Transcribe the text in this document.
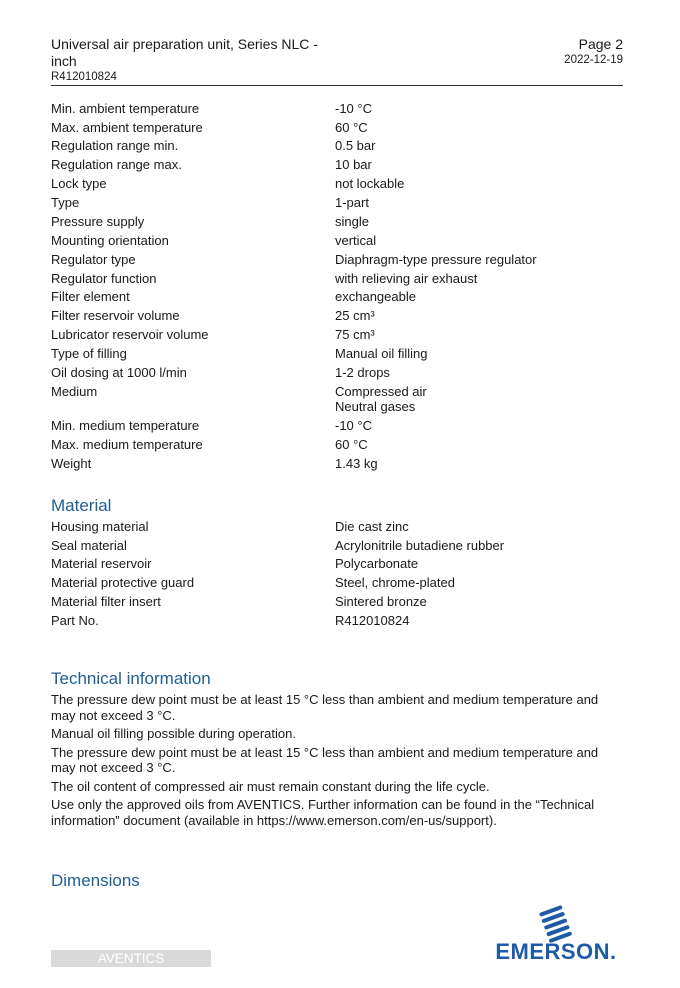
Universal air preparation unit, Series NLC - inch
R412010824
Page 2
2022-12-19
Min. ambient temperature	-10 °C
Max. ambient temperature	60 °C
Regulation range min.	0.5 bar
Regulation range max.	10 bar
Lock type	not lockable
Type	1-part
Pressure supply	single
Mounting orientation	vertical
Regulator type	Diaphragm-type pressure regulator
Regulator function	with relieving air exhaust
Filter element	exchangeable
Filter reservoir volume	25 cm³
Lubricator reservoir volume	75 cm³
Type of filling	Manual oil filling
Oil dosing at 1000 l/min	1-2 drops
Medium	Compressed air
Neutral gases
Min. medium temperature	-10 °C
Max. medium temperature	60 °C
Weight	1.43 kg
Material
Housing material	Die cast zinc
Seal material	Acrylonitrile butadiene rubber
Material reservoir	Polycarbonate
Material protective guard	Steel, chrome-plated
Material filter insert	Sintered bronze
Part No.	R412010824
Technical information

The pressure dew point must be at least 15 °C less than ambient and medium temperature and may not exceed 3 °C.

Manual oil filling possible during operation.

The pressure dew point must be at least 15 °C less than ambient and medium temperature and may not exceed 3 °C.

The oil content of compressed air must remain constant during the life cycle.

Use only the approved oils from AVENTICS. Further information can be found in the “Technical information” document (available in https://www.emerson.com/en-us/support).

Dimensions
AVENTICS	EMERSON.
